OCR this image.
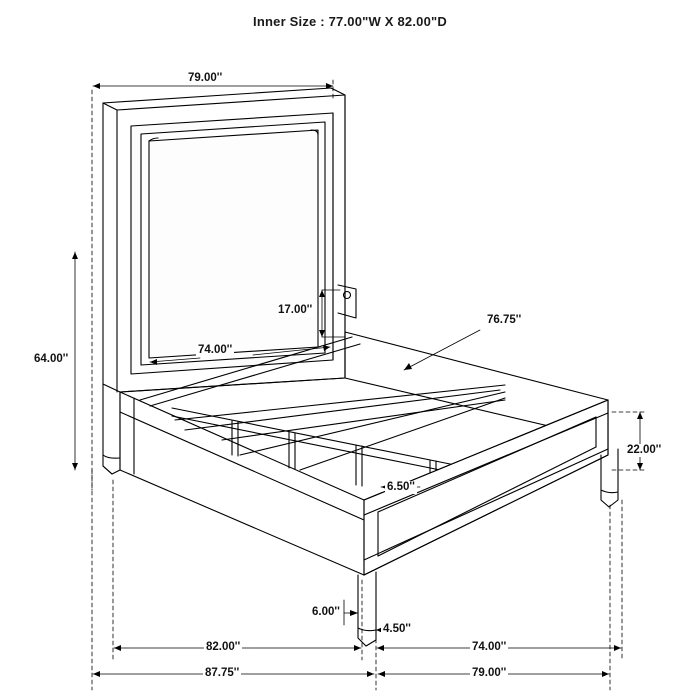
Inner Size : 77.00"W X 82.00"D
79.00''
64.00''
17.00''
74.00''
76.75''
22.00''
6.50''
6.00''
4.50''
82.00''
87.75''
74.00''
79.00''
